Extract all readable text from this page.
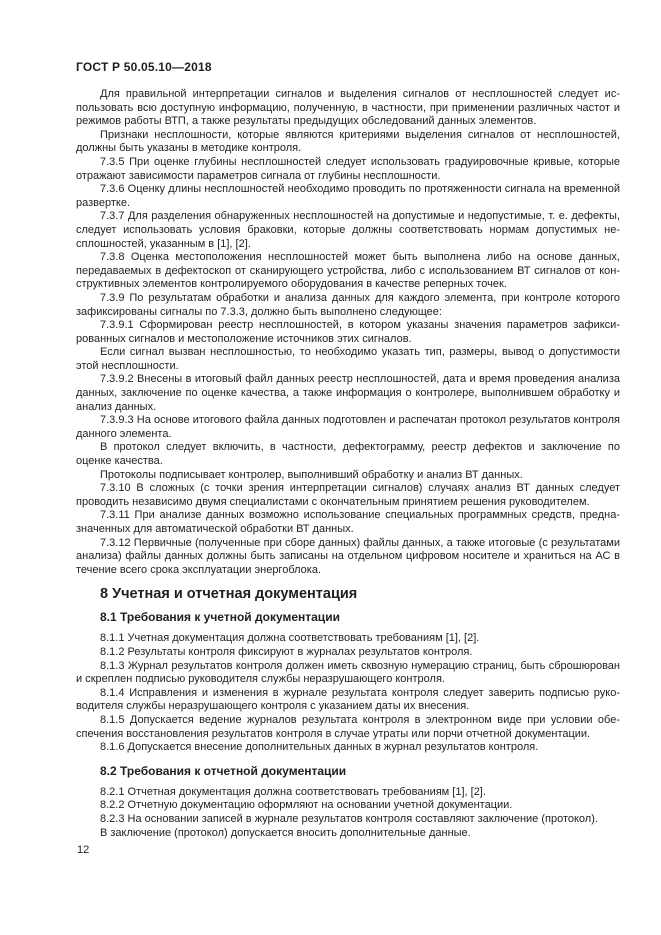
ГОСТ Р 50.05.10—2018

Для правильной интерпретации сигналов и выделения сигналов от несплошностей следует использовать всю доступную информацию, полученную, в частности, при применении различных частот и режимов работы ВТП, а также результаты предыдущих обследований данных элементов.

Признаки несплошности, которые являются критериями выделения сигналов от несплошностей, должны быть указаны в методике контроля.

7.3.5 При оценке глубины несплошностей следует использовать градуировочные кривые, которые отражают зависимости параметров сигнала от глубины несплошности.

7.3.6 Оценку длины несплошностей необходимо проводить по протяженности сигнала на временной развертке.

7.3.7 Для разделения обнаруженных несплошностей на допустимые и недопустимые, т. е. дефекты, следует использовать условия браковки, которые должны соответствовать нормам допустимых несплошностей, указанным в [1], [2].

7.3.8 Оценка местоположения несплошностей может быть выполнена либо на основе данных, передаваемых в дефектоскоп от сканирующего устройства, либо с использованием ВТ сигналов от конструктивных элементов контролируемого оборудования в качестве реперных точек.

7.3.9 По результатам обработки и анализа данных для каждого элемента, при контроле которого зафиксированы сигналы по 7.3.3, должно быть выполнено следующее:

7.3.9.1 Сформирован реестр несплошностей, в котором указаны значения параметров зафиксированных сигналов и местоположение источников этих сигналов.

Если сигнал вызван несплошностью, то необходимо указать тип, размеры, вывод о допустимости этой несплошности.

7.3.9.2 Внесены в итоговый файл данных реестр несплошностей, дата и время проведения анализа данных, заключение по оценке качества, а также информация о контролере, выполнившем обработку и анализ данных.

7.3.9.3 На основе итогового файла данных подготовлен и распечатан протокол результатов контроля данного элемента.

В протокол следует включить, в частности, дефектограмму, реестр дефектов и заключение по оценке качества.

Протоколы подписывает контролер, выполнивший обработку и анализ ВТ данных.

7.3.10 В сложных (с точки зрения интерпретации сигналов) случаях анализ ВТ данных следует проводить независимо двумя специалистами с окончательным принятием решения руководителем.

7.3.11 При анализе данных возможно использование специальных программных средств, предназначенных для автоматической обработки ВТ данных.

7.3.12 Первичные (полученные при сборе данных) файлы данных, а также итоговые (с результатами анализа) файлы данных должны быть записаны на отдельном цифровом носителе и храниться на АС в течение всего срока эксплуатации энергоблока.

8 Учетная и отчетная документация
8.1 Требования к учетной документации

8.1.1 Учетная документация должна соответствовать требованиям [1], [2].

8.1.2 Результаты контроля фиксируют в журналах результатов контроля.

8.1.3 Журнал результатов контроля должен иметь сквозную нумерацию страниц, быть сброшюрован и скреплен подписью руководителя службы неразрушающего контроля.

8.1.4 Исправления и изменения в журнале результата контроля следует заверить подписью руководителя службы неразрушающего контроля с указанием даты их внесения.

8.1.5 Допускается ведение журналов результата контроля в электронном виде при условии обеспечения восстановления результатов контроля в случае утраты или порчи отчетной документации.

8.1.6 Допускается внесение дополнительных данных в журнал результатов контроля.

8.2 Требования к отчетной документации

8.2.1 Отчетная документация должна соответствовать требованиям [1], [2].

8.2.2 Отчетную документацию оформляют на основании учетной документации.

8.2.3 На основании записей в журнале результатов контроля составляют заключение (протокол).

В заключение (протокол) допускается вносить дополнительные данные.

12
